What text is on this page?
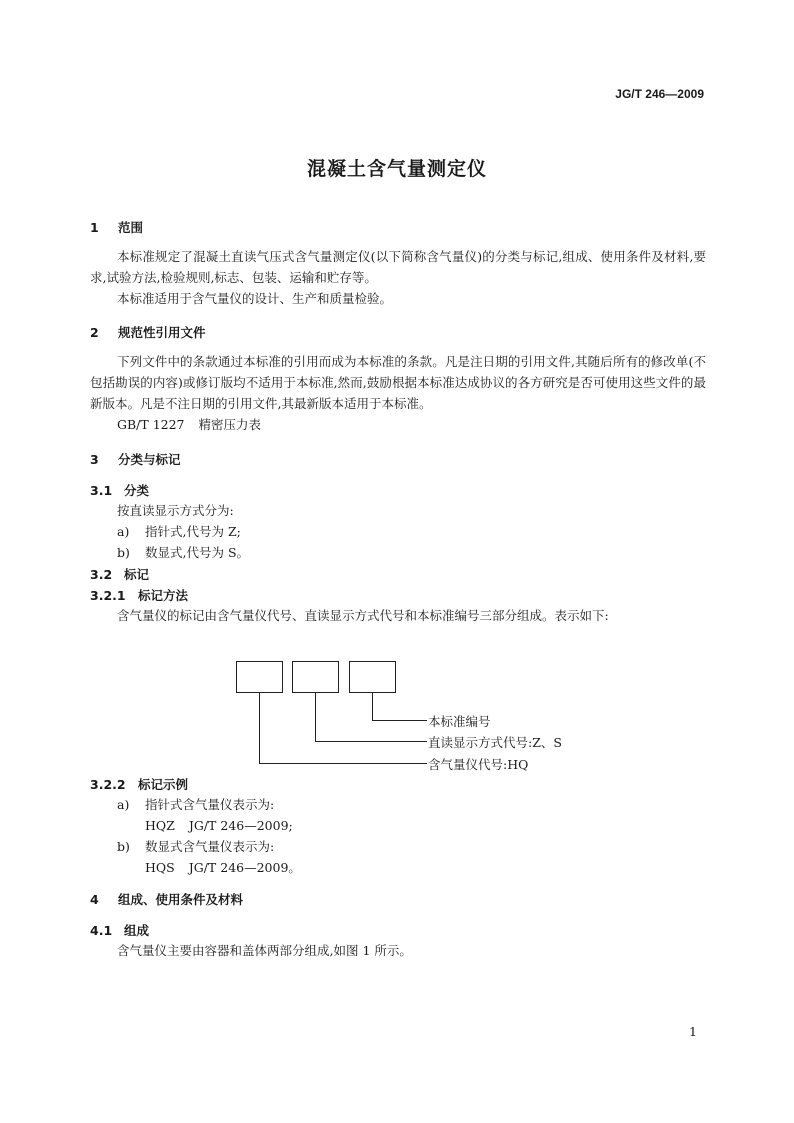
JG/T 246—2009
混凝土含气量测定仪
1 范围
本标准规定了混凝土直读气压式含气量测定仪(以下简称含气量仪)的分类与标记,组成、使用条件及材料,要求,试验方法,检验规则,标志、包装、运输和贮存等。
本标准适用于含气量仪的设计、生产和质量检验。
2 规范性引用文件
下列文件中的条款通过本标准的引用而成为本标准的条款。凡是注日期的引用文件,其随后所有的修改单(不包括勘误的内容)或修订版均不适用于本标准,然而,鼓励根据本标准达成协议的各方研究是否可使用这些文件的最新版本。凡是不注日期的引用文件,其最新版本适用于本标准。
GB/T 1227 精密压力表
3 分类与标记
3.1 分类
按直读显示方式分为:
a) 指针式,代号为 Z;
b) 数显式,代号为 S。
3.2 标记
3.2.1 标记方法
含气量仪的标记由含气量仪代号、直读显示方式代号和本标准编号三部分组成。表示如下:
本标准编号
直读显示方式代号:Z、S
含气量仪代号:HQ
3.2.2 标记示例
a) 指针式含气量仪表示为:
HQZ JG/T 246—2009;
b) 数显式含气量仪表示为:
HQS JG/T 246—2009。
4 组成、使用条件及材料
4.1 组成
含气量仪主要由容器和盖体两部分组成,如图 1 所示。
1
